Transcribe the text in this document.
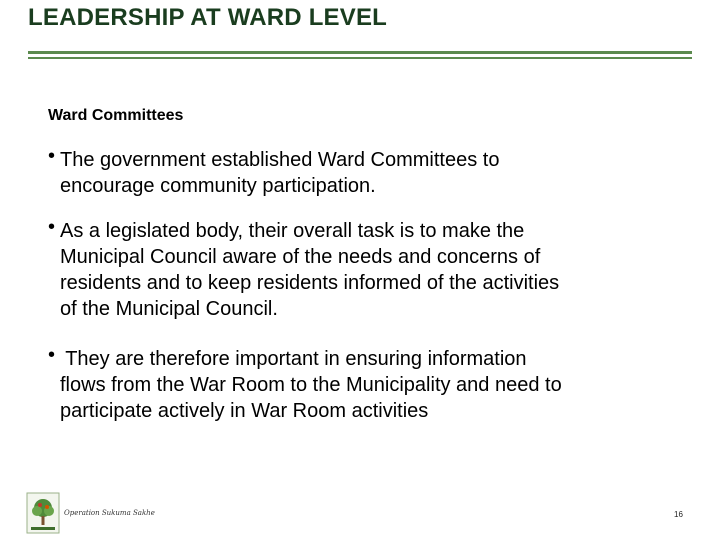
LEADERSHIP AT WARD LEVEL
Ward Committees
• The government established Ward Committees to
encourage community participation.
• As a legislated body, their overall task is to make the
Municipal Council aware of the needs and concerns of
residents and to keep residents informed of the activities
of the Municipal Council.
• They are therefore important in ensuring information
flows from the War Room to the Municipality and need to
participate actively in War Room activities
Operation Sukuma Sakhe	16
